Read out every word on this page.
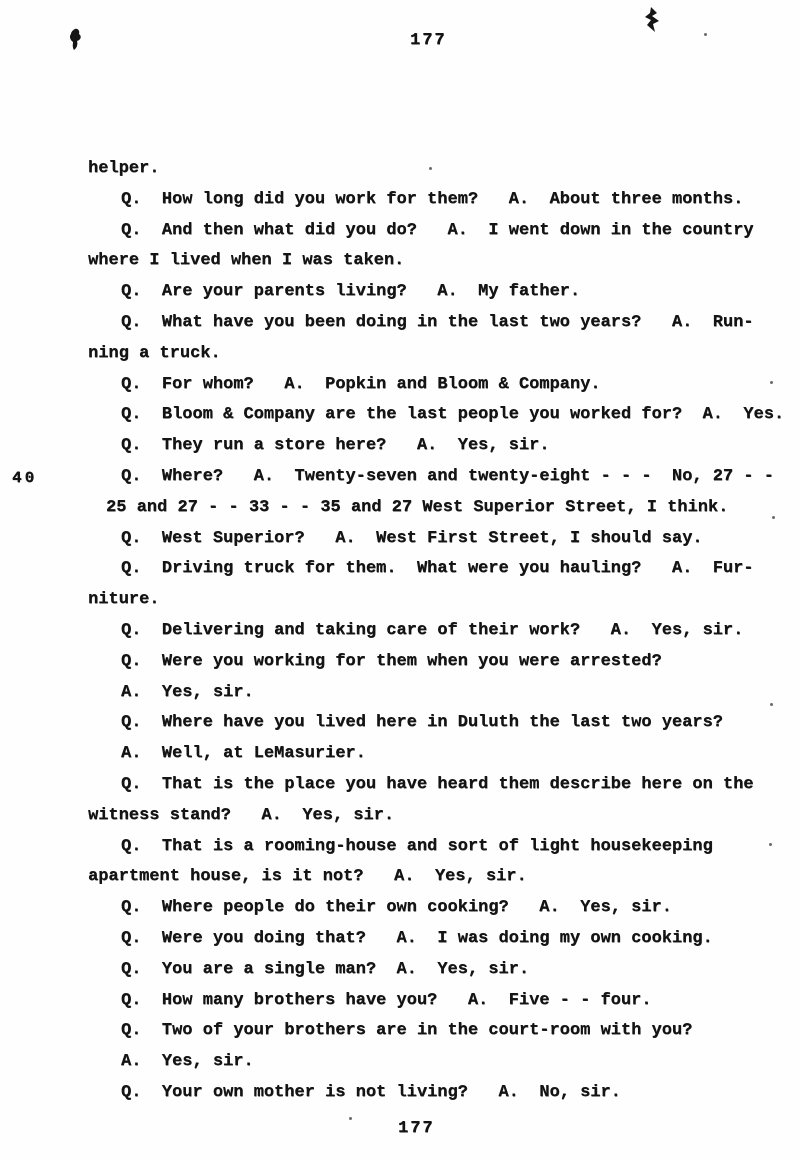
177
40
helper.
Q.  How long did you work for them?   A.  About three months.
Q.  And then what did you do?   A.  I went down in the country
where I lived when I was taken.
Q.  Are your parents living?   A.  My father.
Q.  What have you been doing in the last two years?   A.  Run-
ning a truck.
Q.  For whom?   A.  Popkin and Bloom & Company.
Q.  Bloom & Company are the last people you worked for?  A.  Yes.
Q.  They run a store here?   A.  Yes, sir.
Q.  Where?   A.  Twenty-seven and twenty-eight - - -  No, 27 - -
25 and 27 - - 33 - - 35 and 27 West Superior Street, I think.
Q.  West Superior?   A.  West First Street, I should say.
Q.  Driving truck for them.  What were you hauling?   A.  Fur-
niture.
Q.  Delivering and taking care of their work?   A.  Yes, sir.
Q.  Were you working for them when you were arrested?
A.  Yes, sir.
Q.  Where have you lived here in Duluth the last two years?
A.  Well, at LeMasurier.
Q.  That is the place you have heard them describe here on the
witness stand?   A.  Yes, sir.
Q.  That is a rooming-house and sort of light housekeeping
apartment house, is it not?   A.  Yes, sir.
Q.  Where people do their own cooking?   A.  Yes, sir.
Q.  Were you doing that?   A.  I was doing my own cooking.
Q.  You are a single man?  A.  Yes, sir.
Q.  How many brothers have you?   A.  Five - - four.
Q.  Two of your brothers are in the court-room with you?
A.  Yes, sir.
Q.  Your own mother is not living?   A.  No, sir.
177
